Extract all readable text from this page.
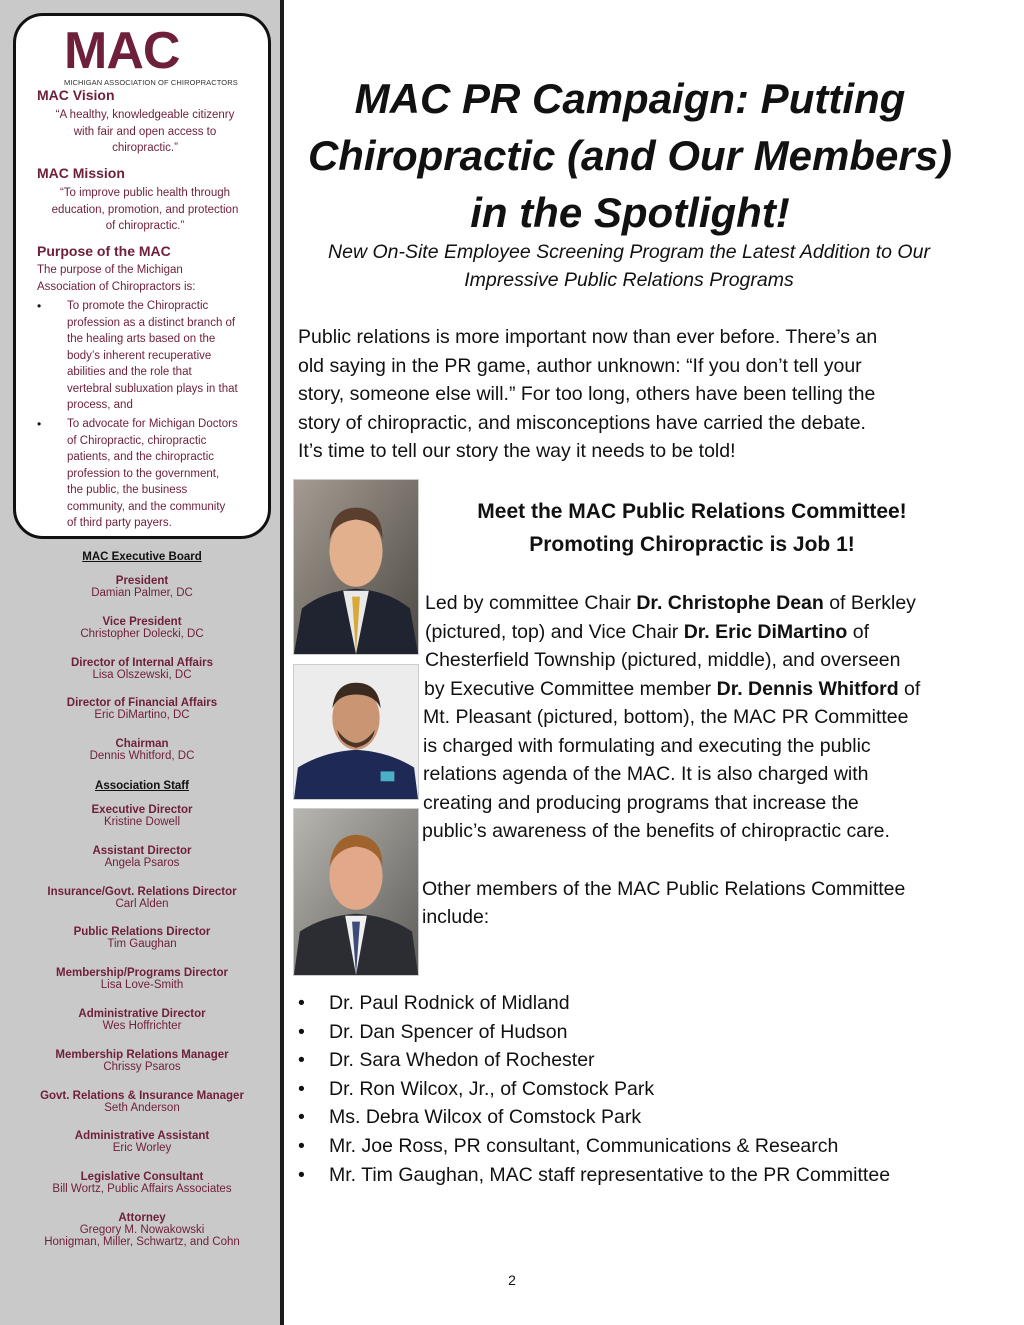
MAC
MICHIGAN ASSOCIATION OF CHIROPRACTORS
MAC Vision
“A healthy, knowledgeable citizenry
with fair and open access to
chiropractic.”
MAC Mission
“To improve public health through
education, promotion, and protection
of chiropractic.”
Purpose of the MAC
The purpose of the Michigan
Association of Chiropractors is:
• To promote the Chiropractic
profession as a distinct branch of
the healing arts based on the
body’s inherent recuperative
abilities and the role that
vertebral subluxation plays in that
process, and
• To advocate for Michigan Doctors
of Chiropractic, chiropractic
patients, and the chiropractic
profession to the government,
the public, the business
community, and the community
of third party payers.
MAC Executive Board
President
Damian Palmer, DC
Vice President
Christopher Dolecki, DC
Director of Internal Affairs
Lisa Olszewski, DC
Director of Financial Affairs
Eric DiMartino, DC
Chairman
Dennis Whitford, DC
Association Staff
Executive Director
Kristine Dowell
Assistant Director
Angela Psaros
Insurance/Govt. Relations Director
Carl Alden
Public Relations Director
Tim Gaughan
Membership/Programs Director
Lisa Love-Smith
Administrative Director
Wes Hoffrichter
Membership Relations Manager
Chrissy Psaros
Govt. Relations & Insurance Manager
Seth Anderson
Administrative Assistant
Eric Worley
Legislative Consultant
Bill Wortz, Public Affairs Associates
Attorney
Gregory M. Nowakowski
Honigman, Miller, Schwartz, and Cohn
MAC PR Campaign: Putting
Chiropractic (and Our Members)
in the Spotlight!
New On-Site Employee Screening Program the Latest Addition to Our
Impressive Public Relations Programs
Public relations is more important now than ever before. There’s an
old saying in the PR game, author unknown: “If you don’t tell your
story, someone else will.” For too long, others have been telling the
story of chiropractic, and misconceptions have carried the debate.
It’s time to tell our story the way it needs to be told!
Meet the MAC Public Relations Committee!
Promoting Chiropractic is Job 1!
Led by committee Chair Dr. Christophe Dean of Berkley
(pictured, top) and Vice Chair Dr. Eric DiMartino of
Chesterfield Township (pictured, middle), and overseen
by Executive Committee member Dr. Dennis Whitford of
Mt. Pleasant (pictured, bottom), the MAC PR Committee
is charged with formulating and executing the public
relations agenda of the MAC. It is also charged with
creating and producing programs that increase the
public’s awareness of the benefits of chiropractic care.
Other members of the MAC Public Relations Committee
include:
• Dr. Paul Rodnick of Midland
• Dr. Dan Spencer of Hudson
• Dr. Sara Whedon of Rochester
• Dr. Ron Wilcox, Jr., of Comstock Park
• Ms. Debra Wilcox of Comstock Park
• Mr. Joe Ross, PR consultant, Communications & Research
• Mr. Tim Gaughan, MAC staff representative to the PR Committee
2
